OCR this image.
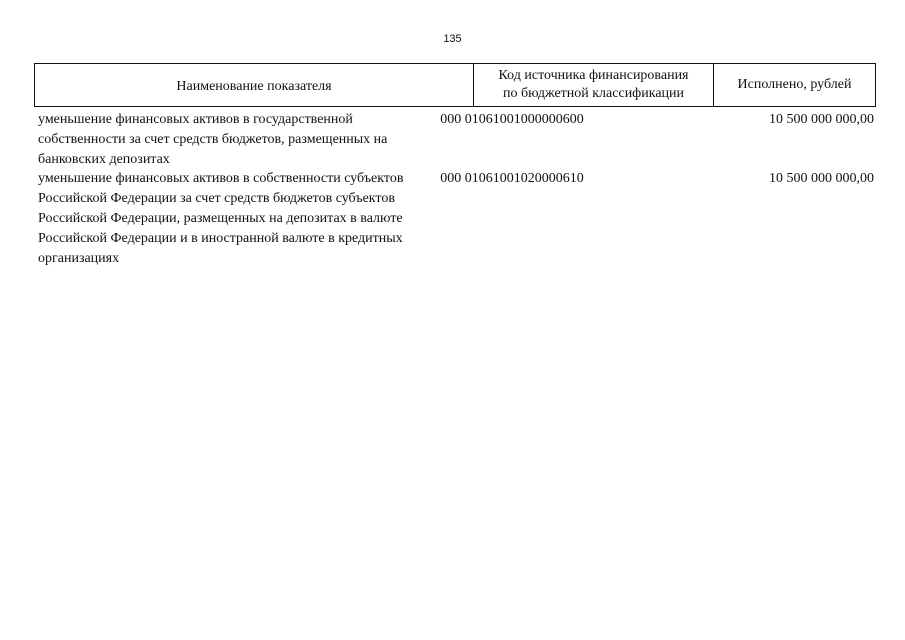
135
Наименование показателя
Код источника финансирования
по бюджетной классификации
Исполнено, рублей
уменьшение финансовых активов в государственной
собственности за счет средств бюджетов, размещенных на
банковских депозитах
000 01061001000000600	10 500 000 000,00
уменьшение финансовых активов в собственности субъектов
Российской Федерации за счет средств бюджетов субъектов
Российской Федерации, размещенных на депозитах в валюте
Российской Федерации и в иностранной валюте в кредитных
организациях
000 01061001020000610	10 500 000 000,00
